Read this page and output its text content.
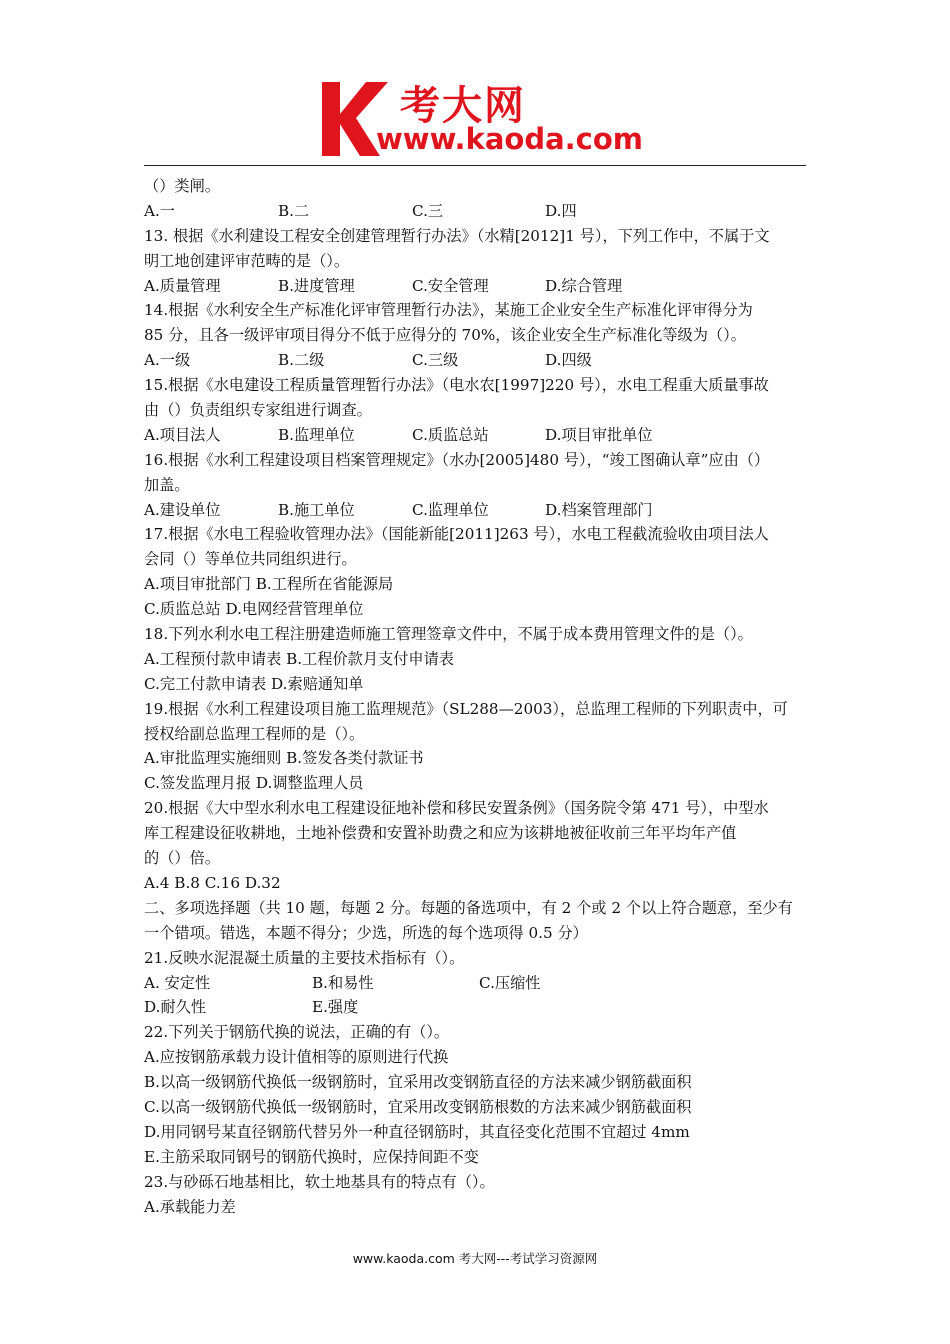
考大网
www.kaoda.com
（）类闸。
A.一	B.二	C.三	D.四
13. 根据《水利建设工程安全创建管理暂行办法》（水精[2012]1 号），下列工作中，不属于文
明工地创建评审范畴的是（）。
A.质量管理	B.进度管理	C.安全管理	D.综合管理
14.根据《水利安全生产标准化评审管理暂行办法》，某施工企业安全生产标准化评审得分为
85 分，且各一级评审项目得分不低于应得分的 70%，该企业安全生产标准化等级为（）。
A.一级	B.二级	C.三级	D.四级
15.根据《水电建设工程质量管理暂行办法》（电水农[1997]220 号），水电工程重大质量事故
由（）负责组织专家组进行调查。
A.项目法人	B.监理单位	C.质监总站	D.项目审批单位
16.根据《水利工程建设项目档案管理规定》（水办[2005]480 号），“竣工图确认章”应由（）
加盖。
A.建设单位	B.施工单位	C.监理单位	D.档案管理部门
17.根据《水电工程验收管理办法》（国能新能[2011]263 号），水电工程截流验收由项目法人
会同（）等单位共同组织进行。
A.项目审批部门 B.工程所在省能源局
C.质监总站 D.电网经营管理单位
18.下列水利水电工程注册建造师施工管理签章文件中，不属于成本费用管理文件的是（）。
A.工程预付款申请表 B.工程价款月支付申请表
C.完工付款申请表 D.索赔通知单
19.根据《水利工程建设项目施工监理规范》（SL288—2003），总监理工程师的下列职责中，可
授权给副总监理工程师的是（）。
A.审批监理实施细则 B.签发各类付款证书
C.签发监理月报 D.调整监理人员
20.根据《大中型水利水电工程建设征地补偿和移民安置条例》（国务院令第 471 号），中型水
库工程建设征收耕地，土地补偿费和安置补助费之和应为该耕地被征收前三年平均年产值
的（）倍。
A.4 B.8 C.16 D.32
二、多项选择题（共 10 题，每题 2 分。每题的备选项中，有 2 个或 2 个以上符合题意，至少有
一个错项。错选，本题不得分；少选，所选的每个选项得 0.5 分）
21.反映水泥混凝土质量的主要技术指标有（）。
A. 安定性	B.和易性	C.压缩性
D.耐久性	E.强度
22.下列关于钢筋代换的说法，正确的有（）。
A.应按钢筋承载力设计值相等的原则进行代换
B.以高一级钢筋代换低一级钢筋时，宜采用改变钢筋直径的方法来减少钢筋截面积
C.以高一级钢筋代换低一级钢筋时，宜采用改变钢筋根数的方法来减少钢筋截面积
D.用同钢号某直径钢筋代替另外一种直径钢筋时，其直径变化范围不宜超过 4mm
E.主筋采取同钢号的钢筋代换时，应保持间距不变
23.与砂砾石地基相比，软土地基具有的特点有（）。
A.承载能力差
www.kaoda.com 考大网---考试学习资源网
